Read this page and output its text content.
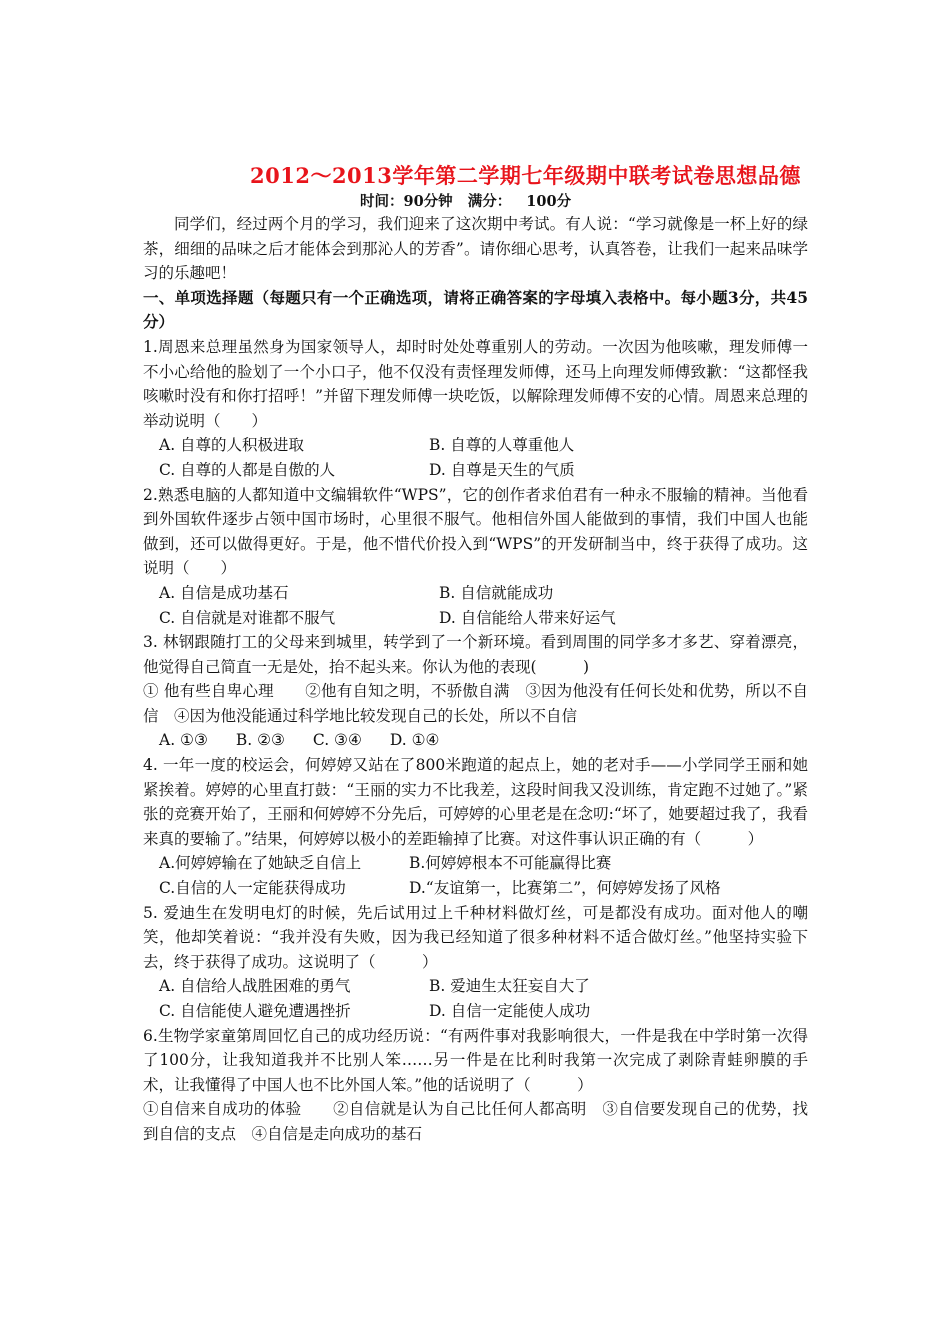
2012～2013学年第二学期七年级期中联考试卷思想品德
时间：90分钟 满分： 100分

同学们，经过两个月的学习，我们迎来了这次期中考试。有人说：“学习就像是一杯上好的绿茶，细细的品味之后才能体会到那沁人的芳香”。请你细心思考，认真答卷，让我们一起来品味学习的乐趣吧！

一、单项选择题（每题只有一个正确选项，请将正确答案的字母填入表格中。每小题3分，共45分）

1.周恩来总理虽然身为国家领导人，却时时处处尊重别人的劳动。一次因为他咳嗽，理发师傅一不小心给他的脸划了一个小口子，他不仅没有责怪理发师傅，还马上向理发师傅致歉：“这都怪我咳嗽时没有和你打招呼！”并留下理发师傅一块吃饭，以解除理发师傅不安的心情。周恩来总理的举动说明（　　）

A. 自尊的人积极进取	B. 自尊的人尊重他人
C. 自尊的人都是自傲的人	D. 自尊是天生的气质

2.熟悉电脑的人都知道中文编辑软件“WPS”，它的创作者求伯君有一种永不服输的精神。当他看到外国软件逐步占领中国市场时，心里很不服气。他相信外国人能做到的事情，我们中国人也能做到，还可以做得更好。于是，他不惜代价投入到“WPS”的开发研制当中，终于获得了成功。这说明（　　）

A. 自信是成功基石	B. 自信就能成功
C. 自信就是对谁都不服气	D. 自信能给人带来好运气

3. 林钢跟随打工的父母来到城里，转学到了一个新环境。看到周围的同学多才多艺、穿着漂亮，他觉得自己简直一无是处，抬不起头来。你认为他的表现(　　　)

① 他有些自卑心理　　②他有自知之明，不骄傲自满　③因为他没有任何长处和优势，所以不自信　④因为他没能通过科学地比较发现自己的长处，所以不自信

A. ①③ B. ②③ C. ③④ D. ①④

4. 一年一度的校运会，何婷婷又站在了800米跑道的起点上，她的老对手——小学同学王丽和她紧挨着。婷婷的心里直打鼓：“王丽的实力不比我差，这段时间我又没训练，肯定跑不过她了。”紧张的竞赛开始了，王丽和何婷婷不分先后，可婷婷的心里老是在念叨:“坏了，她要超过我了，我看来真的要输了。”结果，何婷婷以极小的差距输掉了比赛。对这件事认识正确的有（　　　）

A.何婷婷输在了她缺乏自信上	B.何婷婷根本不可能赢得比赛
C.自信的人一定能获得成功	D.“友谊第一，比赛第二”，何婷婷发扬了风格

5. 爱迪生在发明电灯的时候，先后试用过上千种材料做灯丝，可是都没有成功。面对他人的嘲笑，他却笑着说：“我并没有失败，因为我已经知道了很多种材料不适合做灯丝。”他坚持实验下去，终于获得了成功。这说明了（　　　）

A. 自信给人战胜困难的勇气	B. 爱迪生太狂妄自大了
C. 自信能使人避免遭遇挫折	D. 自信一定能使人成功

6.生物学家童第周回忆自己的成功经历说：“有两件事对我影响很大，一件是我在中学时第一次得了100分，让我知道我并不比别人笨……另一件是在比利时我第一次完成了剥除青蛙卵膜的手术，让我懂得了中国人也不比外国人笨。”他的话说明了（　　　）

①自信来自成功的体验　　②自信就是认为自己比任何人都高明　③自信要发现自己的优势，找到自信的支点　④自信是走向成功的基石
